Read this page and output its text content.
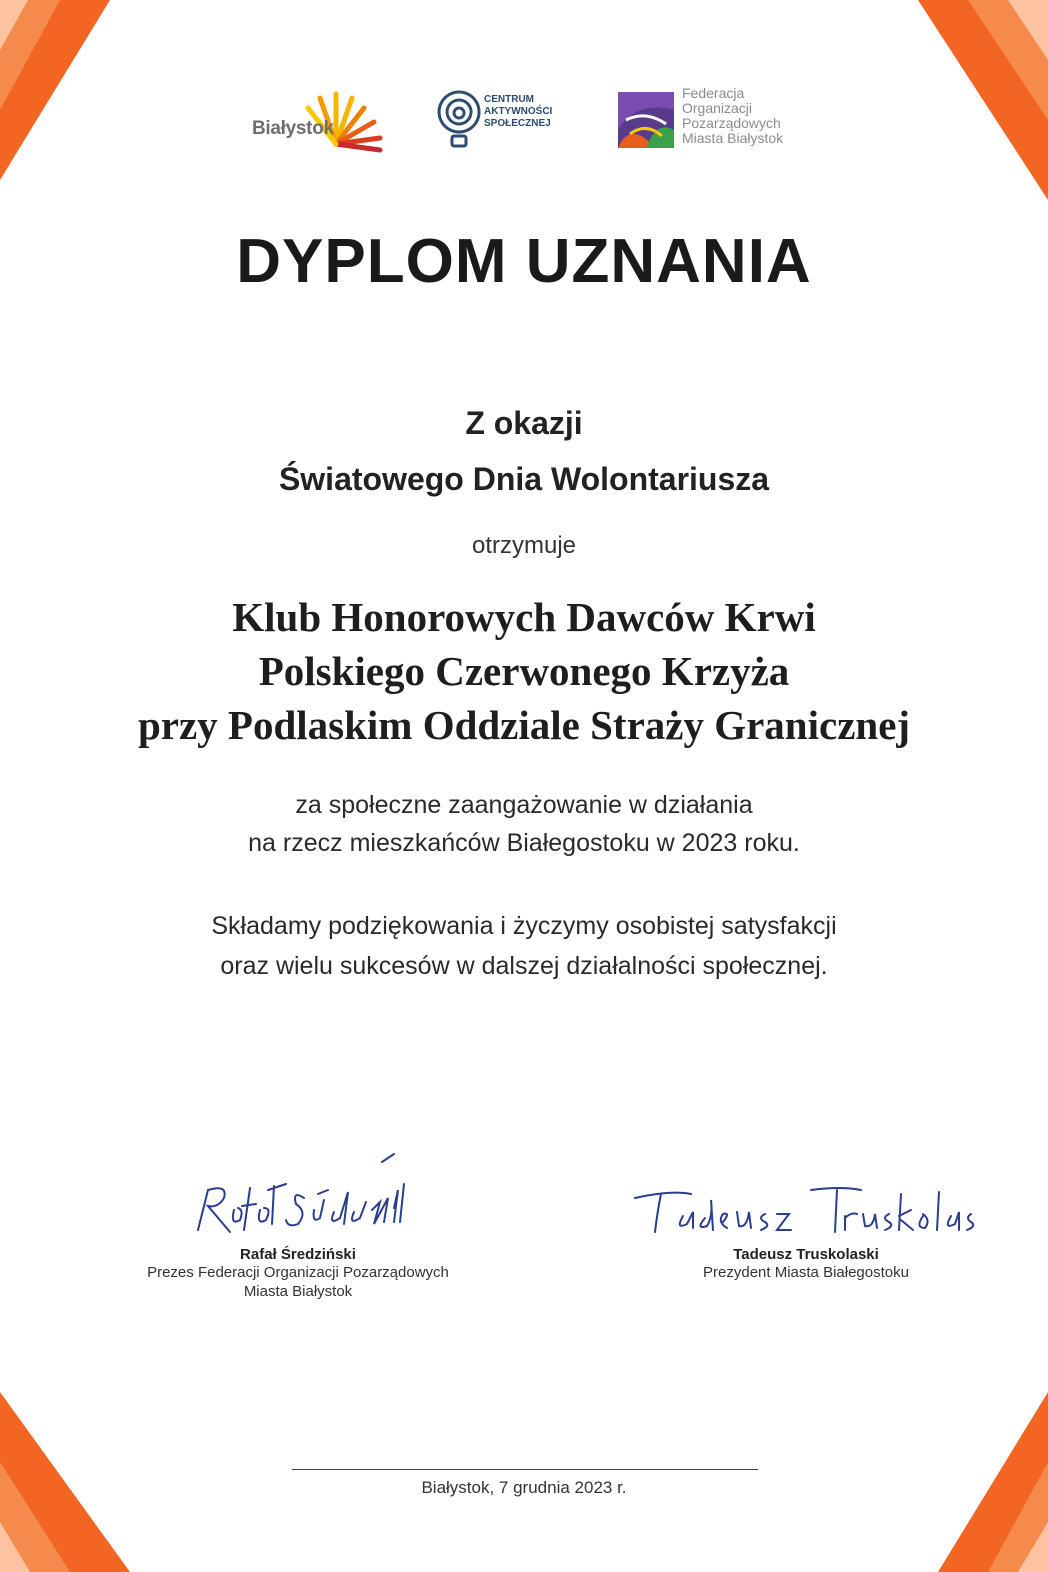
Białystok
CENTRUM
AKTYWNOŚCI
SPOŁECZNEJ
Federacja
Organizacji
Pozarządowych
Miasta Białystok
DYPLOM UZNANIA
Z okazji
Światowego Dnia Wolontariusza
otrzymuje
Klub Honorowych Dawców Krwi
Polskiego Czerwonego Krzyża
przy Podlaskim Oddziale Straży Granicznej
za społeczne zaangażowanie w działania
na rzecz mieszkańców Białegostoku w 2023 roku.
Składamy podziękowania i życzymy osobistej satysfakcji
oraz wielu sukcesów w dalszej działalności społecznej.
Rafał Średziński
Prezes Federacji Organizacji Pozarządowych
Miasta Białystok
Tadeusz Truskolaski
Prezydent Miasta Białegostoku
Białystok, 7 grudnia 2023 r.
